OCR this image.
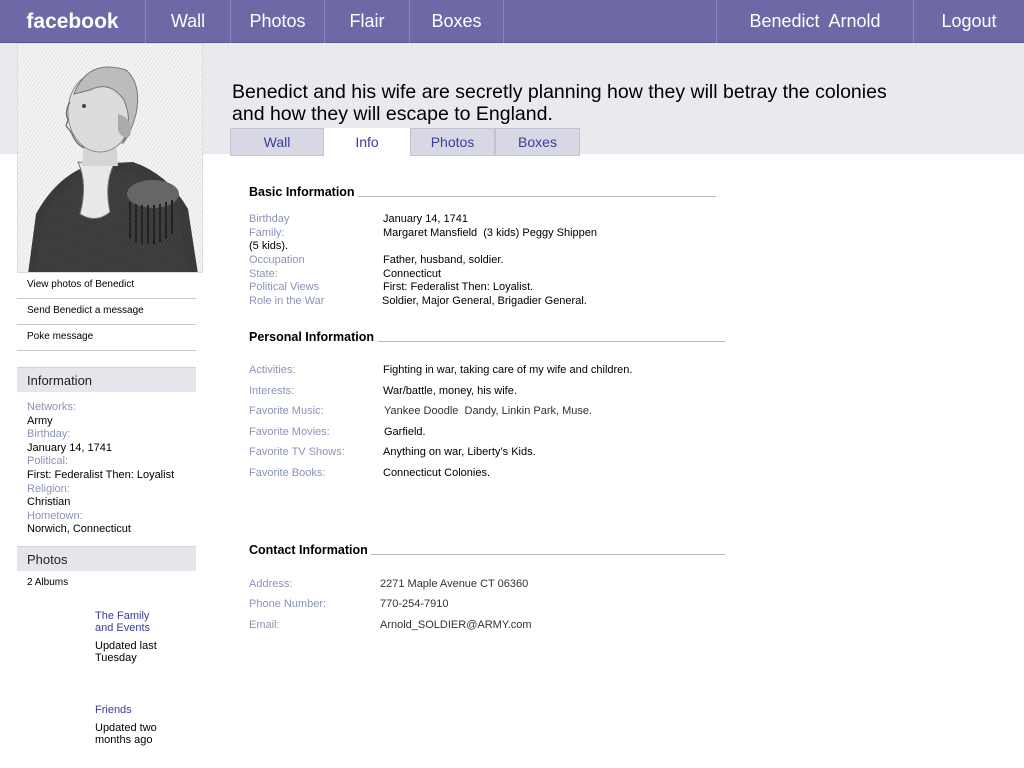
facebook	Wall	Photos	Flair	Boxes	Benedict  Arnold	Logout
Benedict and his wife are secretly planning how they will betray the colonies and how they will escape to England.
Wall	Info	Photos	Boxes
View photos of Benedict
Send Benedict a message
Poke message
Information
Networks:
Army
Birthday:
January 14, 1741
Political:
First: Federalist Then: Loyalist
Religion:
Christian
Hometown:
Norwich, Connecticut
Photos
2 Albums
The Family
and Events
Updated last
Tuesday
Friends
Updated two
months ago
Basic Information
Birthday	January 14, 1741
Family:	Margaret Mansfield  (3 kids) Peggy Shippen
(5 kids).
Occupation	Father, husband, soldier.
State:	Connecticut
Political Views	First: Federalist Then: Loyalist.
Role in the War	Soldier, Major General, Brigadier General.
Personal Information
Activities:	Fighting in war, taking care of my wife and children.
Interests:	War/battle, money, his wife.
Favorite Music:	Yankee Doodle  Dandy, Linkin Park, Muse.
Favorite Movies:	Garfield.
Favorite TV Shows:	Anything on war, Liberty’s Kids.
Favorite Books:	Connecticut Colonies.
Contact Information
Address:	2271 Maple Avenue CT 06360
Phone Number:	770-254-7910
Email:	Arnold_SOLDIER@ARMY.com
